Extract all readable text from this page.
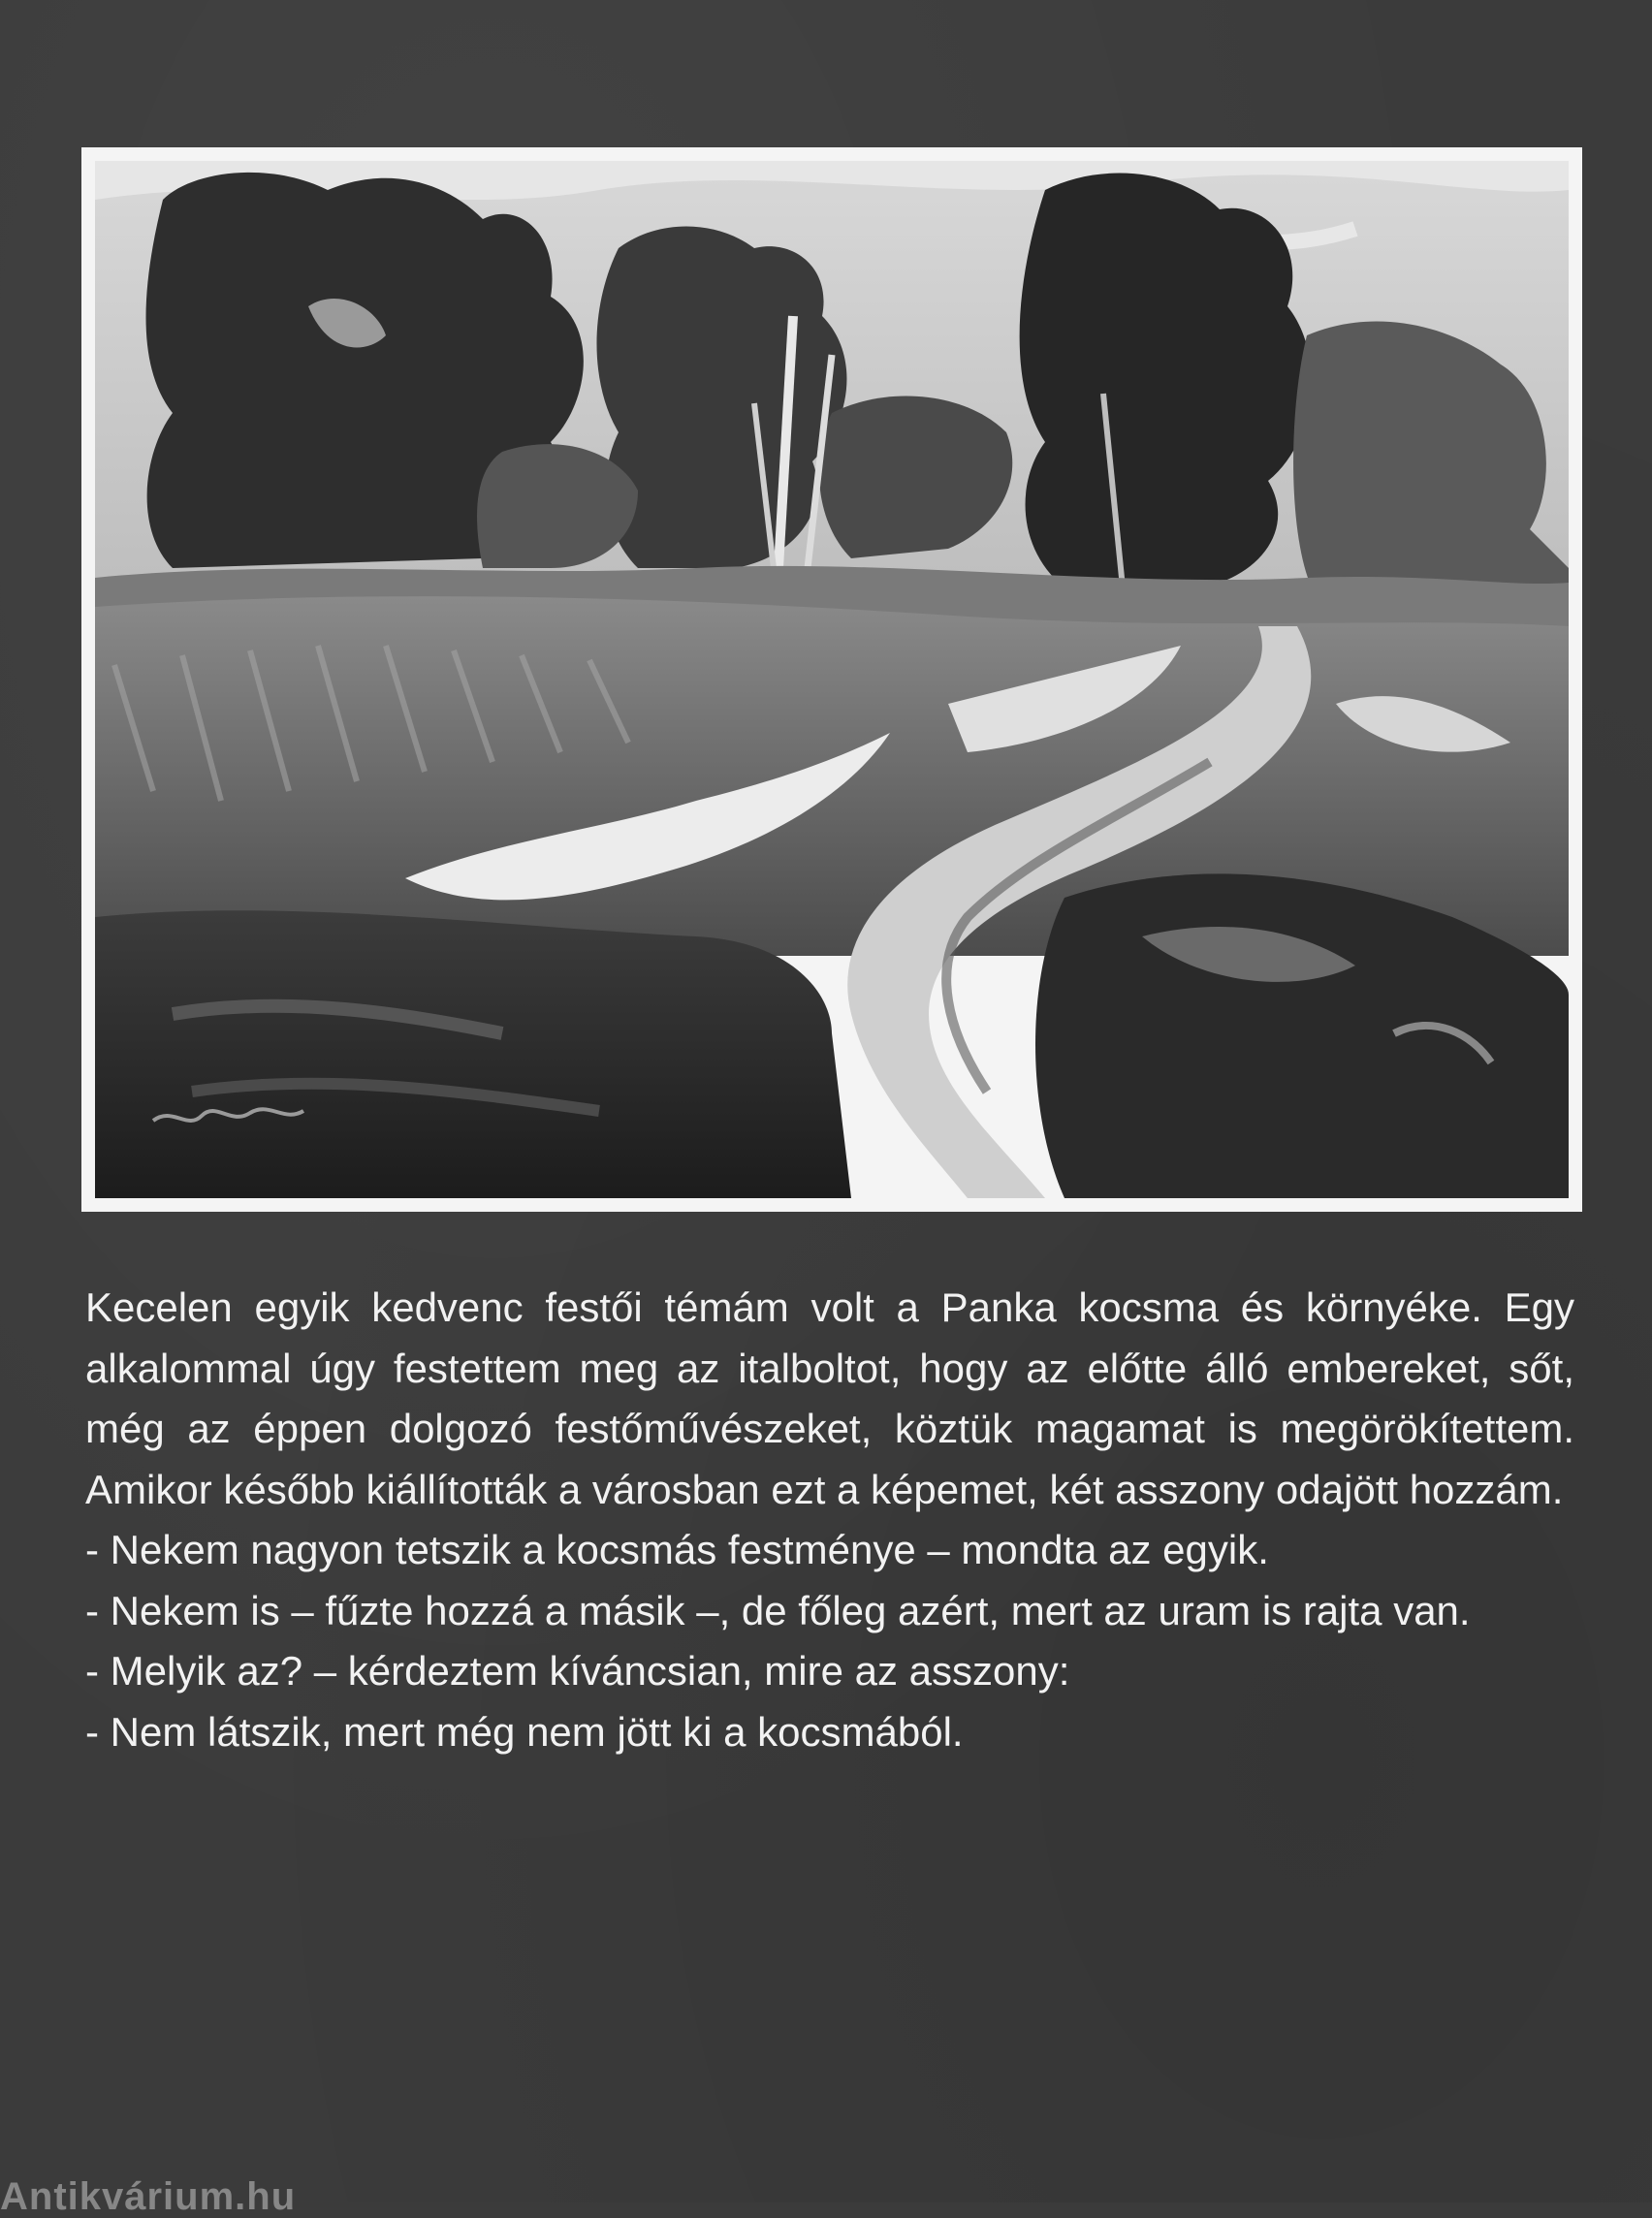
Kecelen egyik kedvenc festői témám volt a Panka kocsma és környéke. Egy alkalommal úgy festettem meg az italboltot, hogy az előtte álló embereket, sőt, még az éppen dolgozó festőművészeket, köztük magamat is megörökítettem. Amikor később kiállították a városban ezt a képemet, két asszony odajött hozzám.

- Nekem nagyon tetszik a kocsmás festménye – mondta az egyik.

- Nekem is – fűzte hozzá a másik –, de főleg azért, mert az uram is rajta van.

- Melyik az? – kérdeztem kíváncsian, mire az asszony:

- Nem látszik, mert még nem jött ki a kocsmából.

Antikvárium.hu
